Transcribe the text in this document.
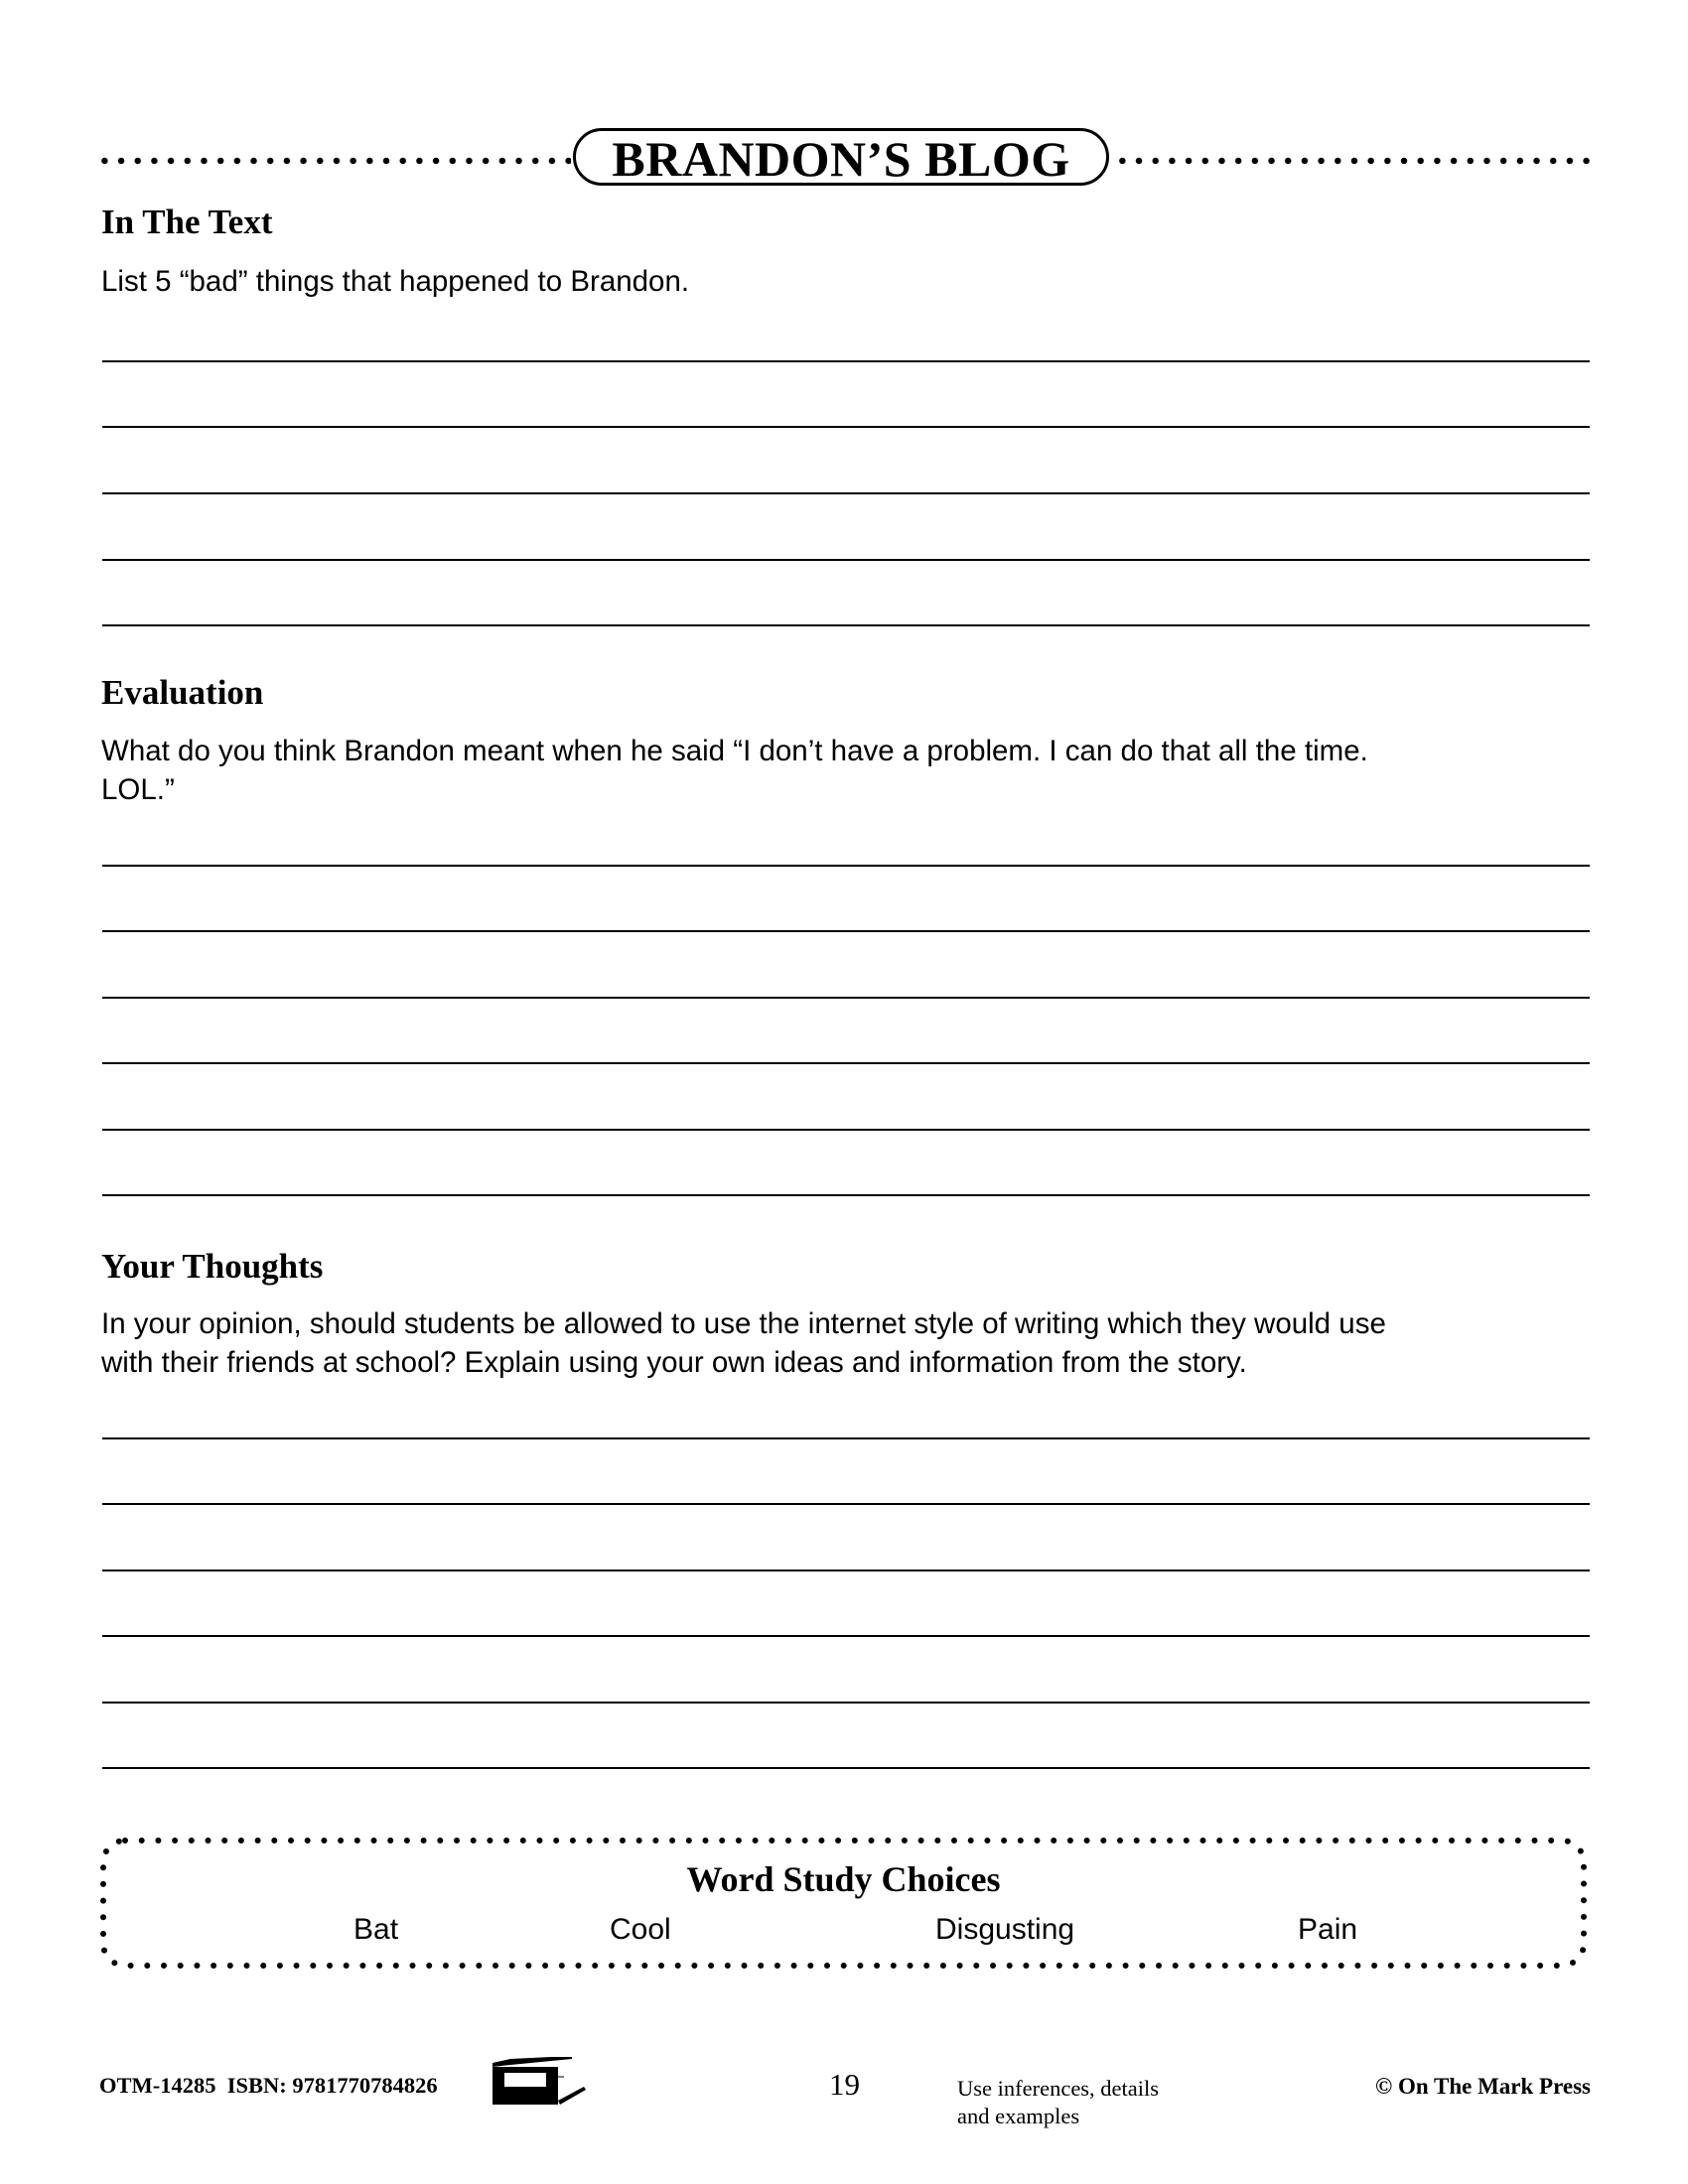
BRANDON’S BLOG
In The Text
List 5 “bad” things that happened to Brandon.
Evaluation
What do you think Brandon meant when he said “I don’t have a problem. I can do that all the time.
LOL.”
Your Thoughts
In your opinion, should students be allowed to use the internet style of writing which they would use
with their friends at school? Explain using your own ideas and information from the story.
Word Study Choices
Bat	Cool	Disgusting	Pain
OTM-14285  ISBN: 9781770784826	19	Use inferences, details
and examples
© On The Mark Press
